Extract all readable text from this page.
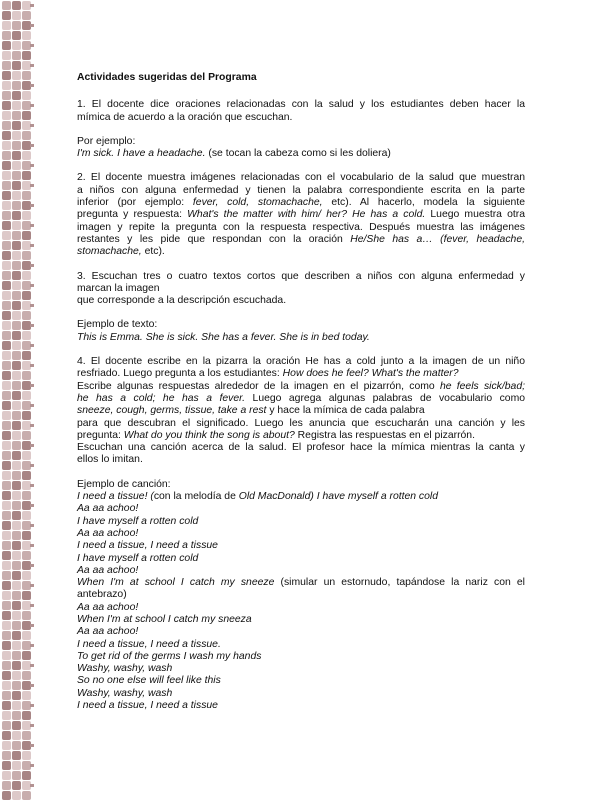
Actividades sugeridas del Programa
1. El docente dice oraciones relacionadas con la salud y los estudiantes deben hacer la
mímica de acuerdo a la oración que escuchan.
Por ejemplo:
I'm sick. I have a headache. (se tocan la cabeza como si les doliera)
2. El docente muestra imágenes relacionadas con el vocabulario de la salud que muestran
a niños con alguna enfermedad y tienen la palabra correspondiente escrita en la parte
inferior (por ejemplo: fever, cold, stomachache, etc). Al hacerlo, modela la siguiente
pregunta y respuesta: What's the matter with him/ her? He has a cold. Luego muestra otra
imagen y repite la pregunta con la respuesta respectiva. Después muestra las imágenes
restantes y les pide que respondan con la oración He/She has a… (fever, headache,
stomachache, etc).
3. Escuchan tres o cuatro textos cortos que describen a niños con alguna enfermedad y
marcan la imagen
que corresponde a la descripción escuchada.
Ejemplo de texto:
This is Emma. She is sick. She has a fever. She is in bed today.
4. El docente escribe en la pizarra la oración He has a cold junto a la imagen de un niño
resfriado. Luego pregunta a los estudiantes: How does he feel? What's the matter?
Escribe algunas respuestas alrededor de la imagen en el pizarrón, como he feels sick/bad;
he has a cold; he has a fever. Luego agrega algunas palabras de vocabulario como
sneeze, cough, germs, tissue, take a rest y hace la mímica de cada palabra
para que descubran el significado. Luego les anuncia que escucharán una canción y les
pregunta: What do you think the song is about? Registra las respuestas en el pizarrón.
Escuchan una canción acerca de la salud. El profesor hace la mímica mientras la canta y
ellos lo imitan.
Ejemplo de canción:
I need a tissue! (con la melodía de Old MacDonald) I have myself a rotten cold
Aa aa achoo!
I have myself a rotten cold
Aa aa achoo!
I need a tissue, I need a tissue
I have myself a rotten cold
Aa aa achoo!
When I'm at school I catch my sneeze (simular un estornudo, tapándose la nariz con el
antebrazo)
Aa aa achoo!
When I'm at school I catch my sneeza
Aa aa achoo!
I need a tissue, I need a tissue.
To get rid of the germs I wash my hands
Washy, washy, wash
So no one else will feel like this
Washy, washy, wash
I need a tissue, I need a tissue
